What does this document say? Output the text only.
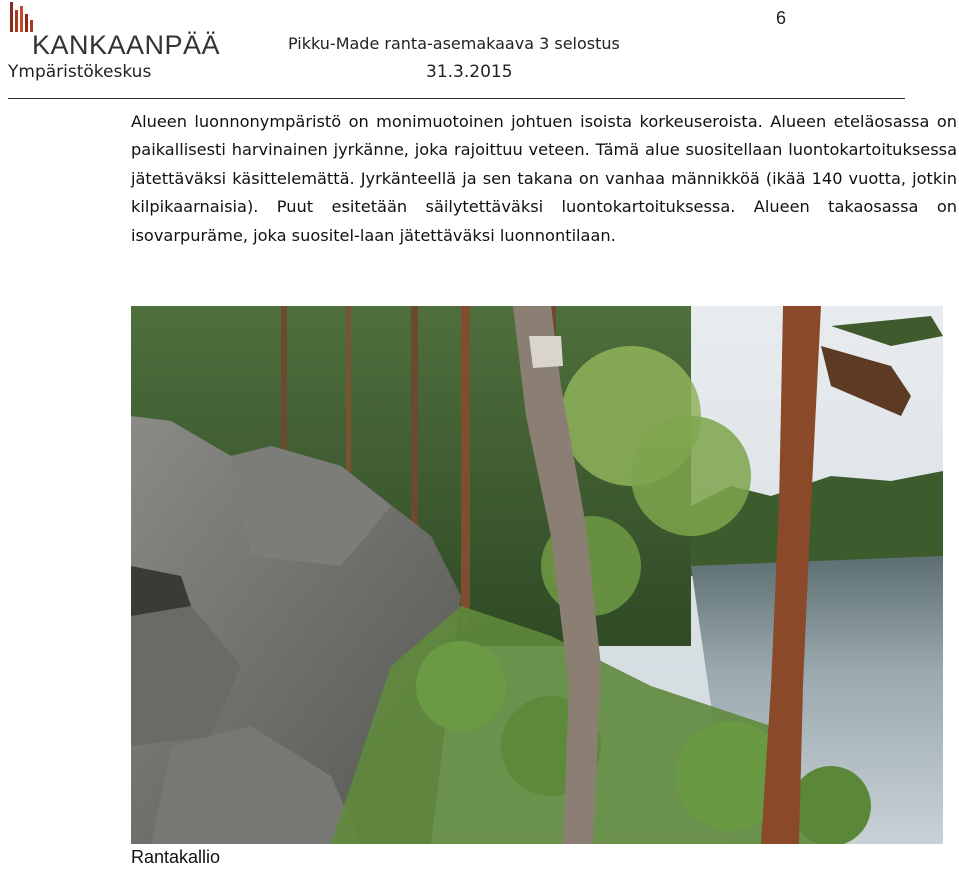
6
KANKAANPÄÄ
Ympäristökeskus
Pikku-Made ranta-asemakaava 3 selostus
31.3.2015

Alueen luonnonympäristö on monimuotoinen johtuen isoista korkeuseroista. Alueen eteläosassa on paikallisesti harvinainen jyrkänne, joka rajoittuu veteen. Tämä alue suositellaan luontokartoituksessa jätettäväksi käsittelemättä. Jyrkänteellä ja sen takana on vanhaa männikköä (ikää 140 vuotta, jotkin kilpikaarnaisia). Puut esitetään säilytettäväksi luontokartoituksessa. Alueen takaosassa on isovarpuräme, joka suositel-laan jätettäväksi luonnontilaan.

Rantakallio
